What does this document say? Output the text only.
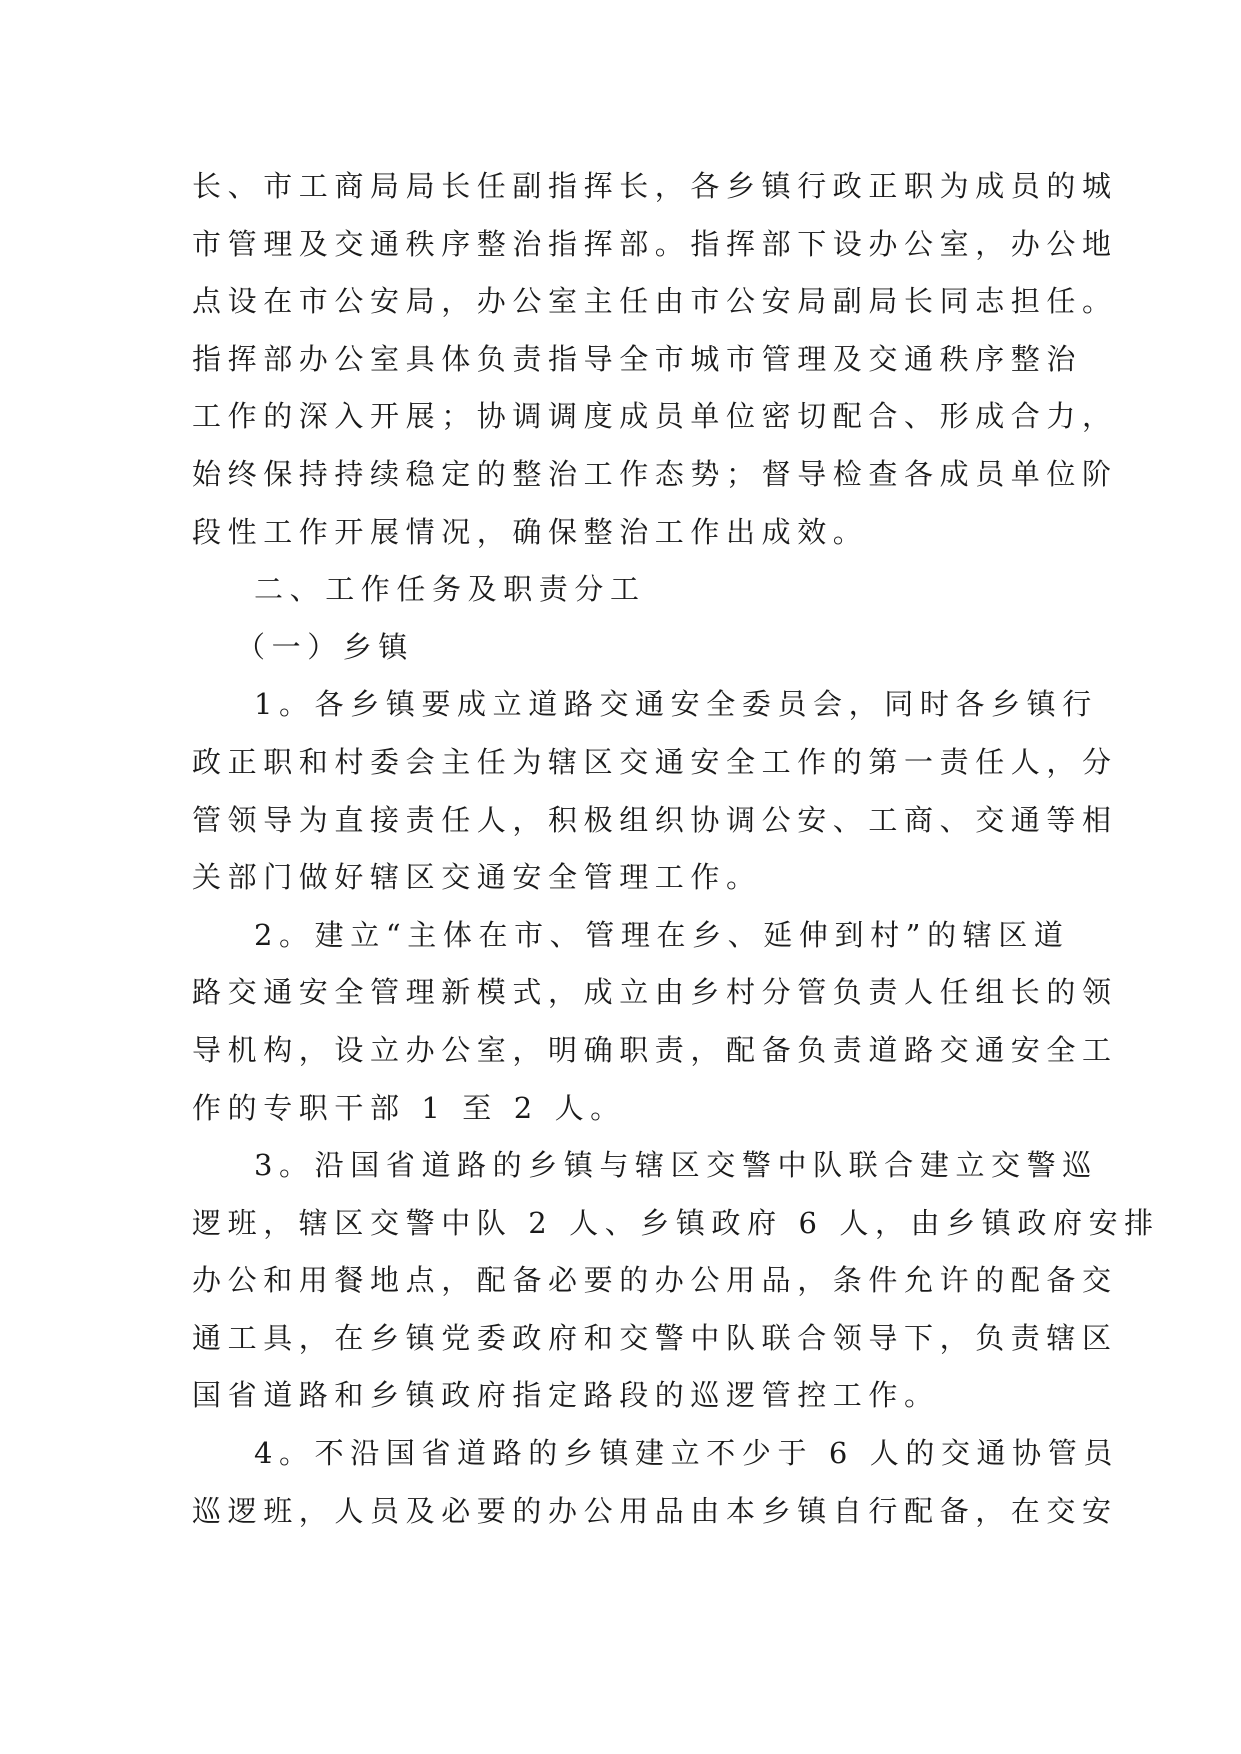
长、市工商局局长任副指挥长，各乡镇行政正职为成员的城
市管理及交通秩序整治指挥部。指挥部下设办公室，办公地
点设在市公安局，办公室主任由市公安局副局长同志担任。
指挥部办公室具体负责指导全市城市管理及交通秩序整治
工作的深入开展；协调调度成员单位密切配合、形成合力，
始终保持持续稳定的整治工作态势；督导检查各成员单位阶
段性工作开展情况，确保整治工作出成效。
二、工作任务及职责分工
（一）乡镇
1。各乡镇要成立道路交通安全委员会，同时各乡镇行
政正职和村委会主任为辖区交通安全工作的第一责任人，分
管领导为直接责任人，积极组织协调公安、工商、交通等相
关部门做好辖区交通安全管理工作。
2。建立“主体在市、管理在乡、延伸到村”的辖区道
路交通安全管理新模式，成立由乡村分管负责人任组长的领
导机构，设立办公室，明确职责，配备负责道路交通安全工
作的专职干部 1 至 2 人。
3。沿国省道路的乡镇与辖区交警中队联合建立交警巡
逻班，辖区交警中队 2 人、乡镇政府 6 人，由乡镇政府安排
办公和用餐地点，配备必要的办公用品，条件允许的配备交
通工具，在乡镇党委政府和交警中队联合领导下，负责辖区
国省道路和乡镇政府指定路段的巡逻管控工作。
4。不沿国省道路的乡镇建立不少于 6 人的交通协管员
巡逻班，人员及必要的办公用品由本乡镇自行配备，在交安
